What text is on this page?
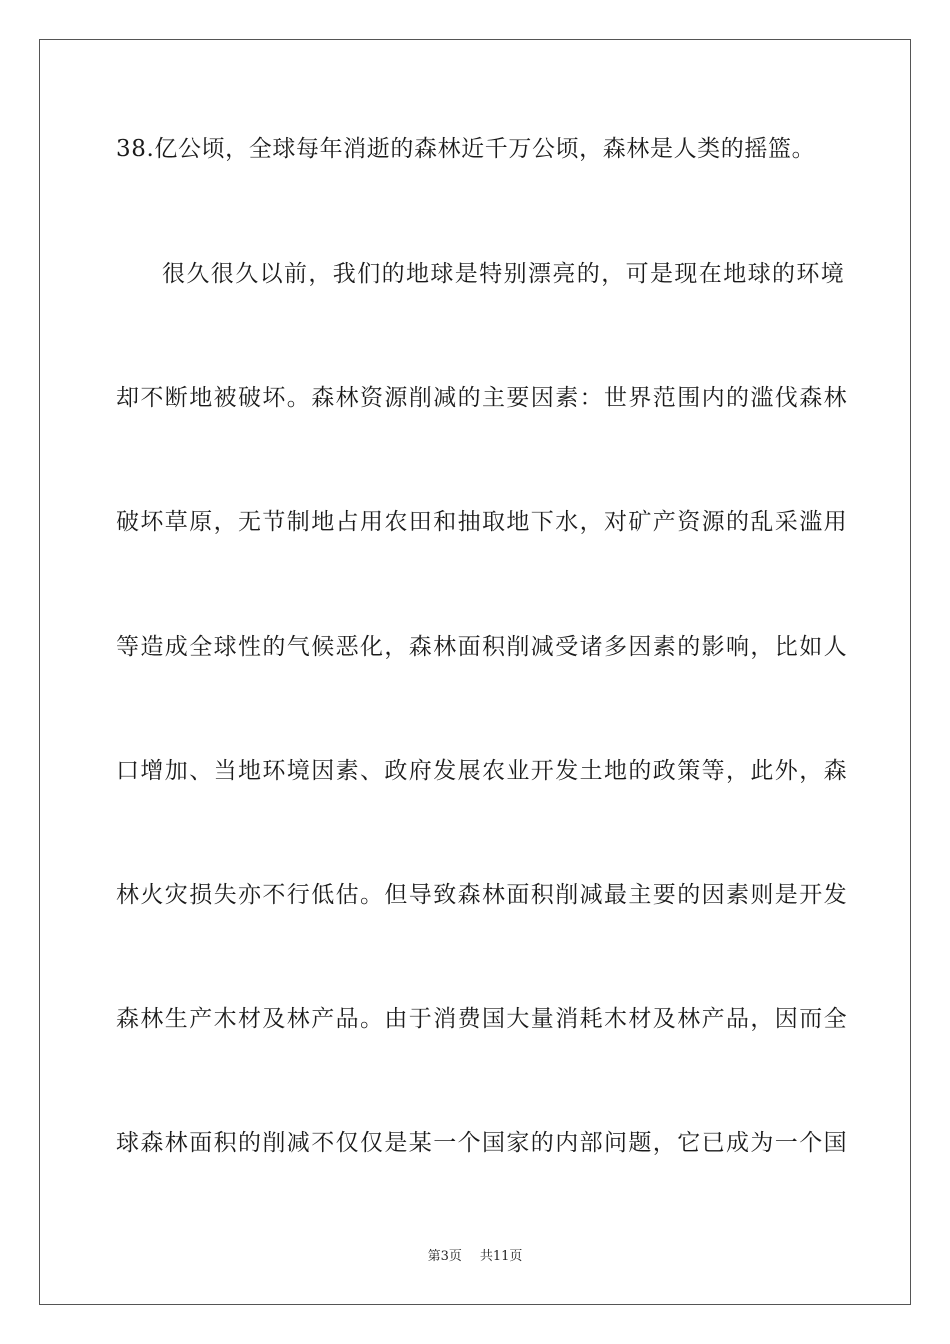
38.亿公顷，全球每年消逝的森林近千万公顷，森林是人类的摇篮。
很久很久以前，我们的地球是特别漂亮的，可是现在地球的环境
却不断地被破坏。森林资源削减的主要因素：世界范围内的滥伐森林
破坏草原，无节制地占用农田和抽取地下水，对矿产资源的乱采滥用
等造成全球性的气候恶化，森林面积削减受诸多因素的影响，比如人
口增加、当地环境因素、政府发展农业开发土地的政策等，此外，森
林火灾损失亦不行低估。但导致森林面积削减最主要的因素则是开发
森林生产木材及林产品。由于消费国大量消耗木材及林产品，因而全
球森林面积的削减不仅仅是某一个国家的内部问题，它已成为一个国
第3页 共11页
